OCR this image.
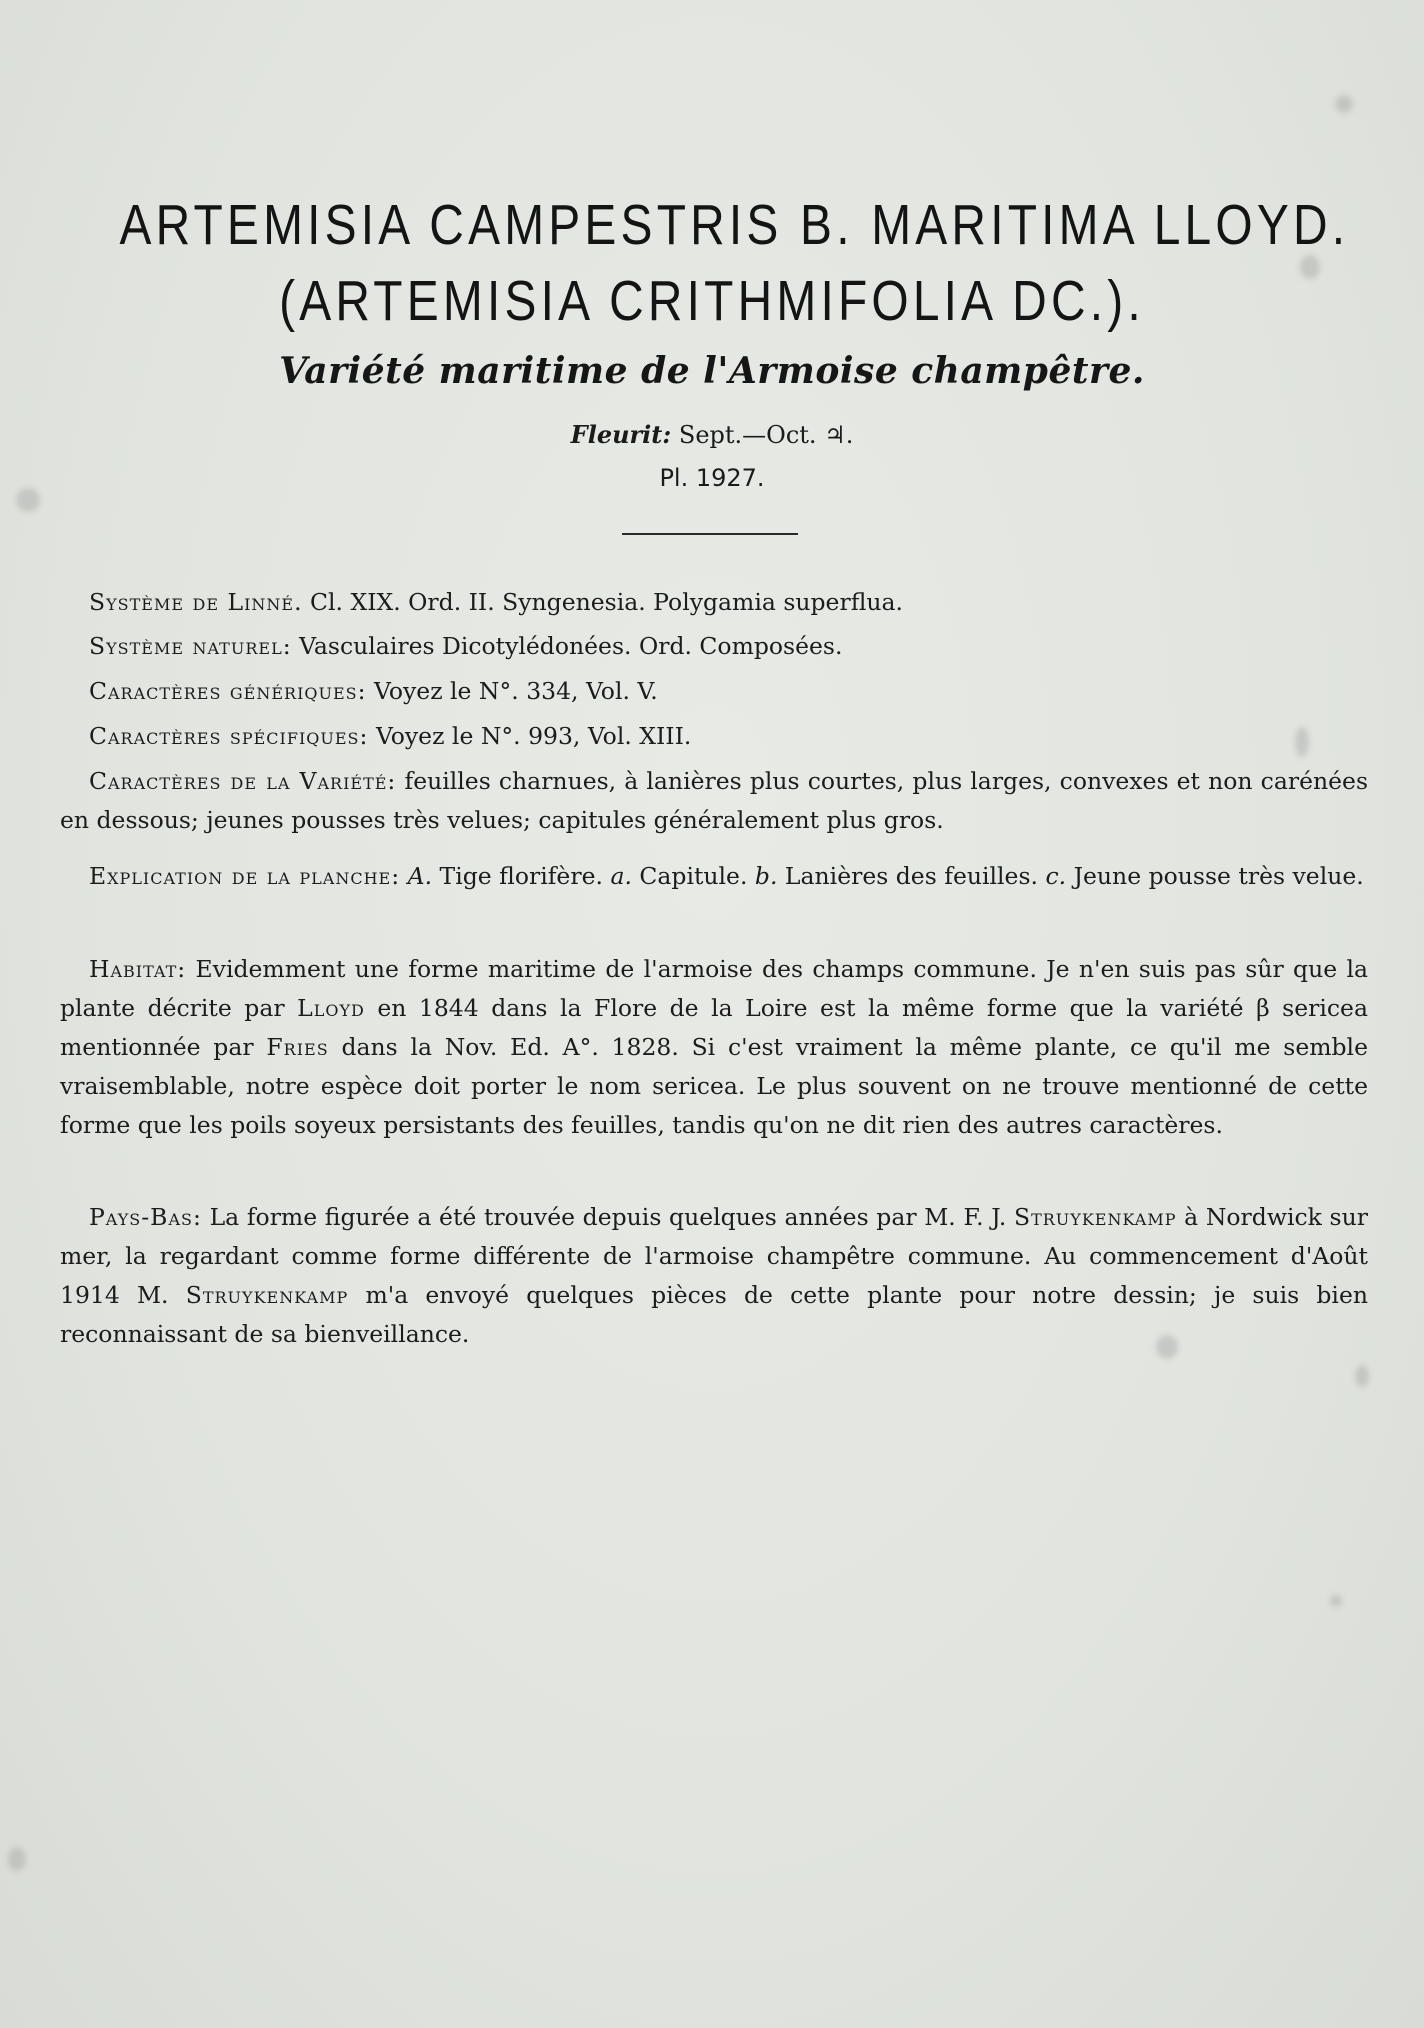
ARTEMISIA CAMPESTRIS B. MARITIMA LLOYD.
(ARTEMISIA CRITHMIFOLIA DC.).
Variété maritime de l'Armoise champêtre.
Fleurit: Sept.—Oct. ♃.
Pl. 1927.
Système de Linné. Cl. XIX. Ord. II. Syngenesia. Polygamia superflua.
Système naturel: Vasculaires Dicotylédonées. Ord. Composées.
Caractères génériques: Voyez le N°. 334, Vol. V.
Caractères spécifiques: Voyez le N°. 993, Vol. XIII.
Caractères de la Variété: feuilles charnues, à lanières plus courtes, plus larges, convexes et non carénées en dessous; jeunes pousses très velues; capitules généralement plus gros.
Explication de la planche: A. Tige florifère. a. Capitule. b. Lanières des feuilles. c. Jeune pousse très velue.
Habitat: Evidemment une forme maritime de l'armoise des champs commune. Je n'en suis pas sûr que la plante décrite par Lloyd en 1844 dans la Flore de la Loire est la même forme que la variété β sericea mentionnée par Fries dans la Nov. Ed. A°. 1828. Si c'est vraiment la même plante, ce qu'il me semble vraisemblable, notre espèce doit porter le nom sericea. Le plus souvent on ne trouve mentionné de cette forme que les poils soyeux persistants des feuilles, tandis qu'on ne dit rien des autres caractères.
Pays-Bas: La forme figurée a été trouvée depuis quelques années par M. F. J. Struykenkamp à Nordwick sur mer, la regardant comme forme différente de l'armoise champêtre commune. Au commencement d'Août 1914 M. Struykenkamp m'a envoyé quelques pièces de cette plante pour notre dessin; je suis bien reconnaissant de sa bienveillance.
